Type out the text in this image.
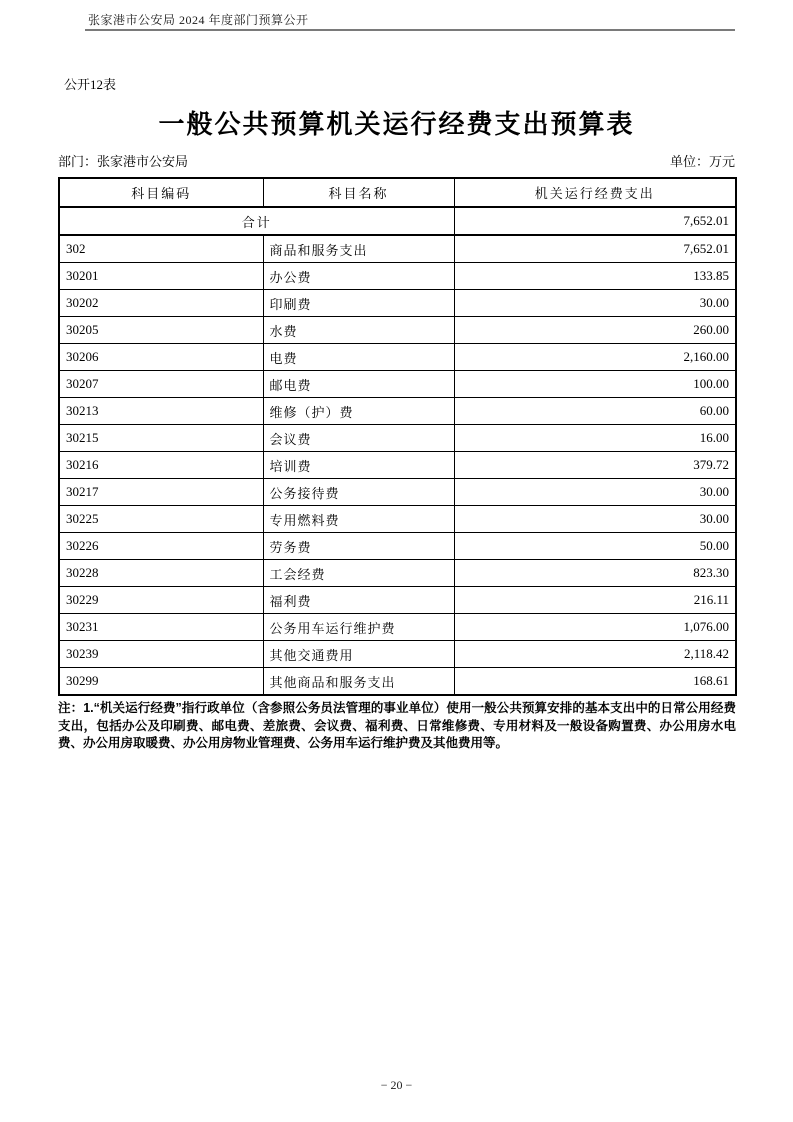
张家港市公安局 2024 年度部门预算公开
公开12表
一般公共预算机关运行经费支出预算表
部门：张家港市公安局	单位：万元
科目编码	科目名称	机关运行经费支出
合计		7,652.01
302	商品和服务支出	7,652.01
30201	办公费	133.85
30202	印刷费	30.00
30205	水费	260.00
30206	电费	2,160.00
30207	邮电费	100.00
30213	维修（护）费	60.00
30215	会议费	16.00
30216	培训费	379.72
30217	公务接待费	30.00
30225	专用燃料费	30.00
30226	劳务费	50.00
30228	工会经费	823.30
30229	福利费	216.11
30231	公务用车运行维护费	1,076.00
30239	其他交通费用	2,118.42
30299	其他商品和服务支出	168.61

注：1.“机关运行经费”指行政单位（含参照公务员法管理的事业单位）使用一般公共预算安排的基本支出中的日常公用经费支出，包括办公及印刷费、邮电费、差旅费、会议费、福利费、日常维修费、专用材料及一般设备购置费、办公用房水电费、办公用房取暖费、办公用房物业管理费、公务用车运行维护费及其他费用等。

− 20 −
